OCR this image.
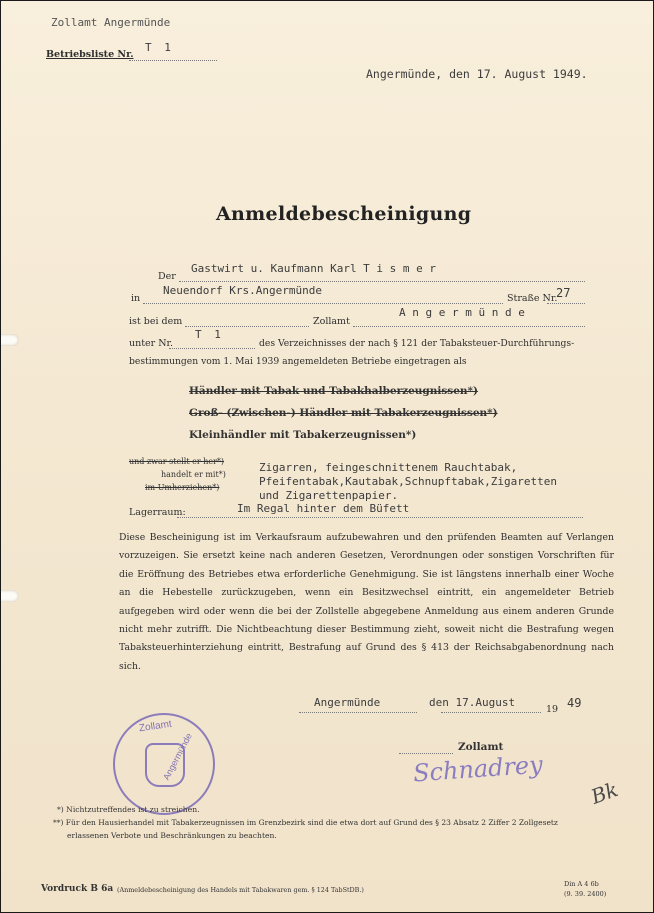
Zollamt Angermünde
Betriebsliste Nr.
T 1
Angermünde, den 17. August 1949.
Anmeldebescheinigung
Der
Gastwirt u. Kaufmann Karl T i s m e r
in
Neuendorf Krs.Angermünde
Straße Nr.
27
ist bei dem	Zollamt
A n g e r m ü n d e
unter Nr.
T 1
des Verzeichnisses der nach § 121 der Tabaksteuer-Durchführungs-
bestimmungen vom 1. Mai 1939 angemeldeten Betriebe eingetragen als
Händler mit Tabak und Tabakhalberzeugnissen*)
Groß- (Zwischen-) Händler mit Tabakerzeugnissen*)
Kleinhändler mit Tabakerzeugnissen*)
und zwar stellt er her*)
handelt er mit*)
im Umherziehen*)
Zigarren, feingeschnittenem Rauchtabak,
Pfeifentabak,Kautabak,Schnupftabak,Zigaretten
und Zigarettenpapier.
Lagerraum:	Im Regal hinter dem Büfett
Diese Bescheinigung ist im Verkaufsraum aufzubewahren und den prüfenden Beamten auf Verlangen vorzuzeigen. Sie ersetzt keine nach anderen Gesetzen, Verordnungen oder sonstigen Vorschriften für die Eröffnung des Betriebes etwa erforderliche Genehmigung. Sie ist längstens innerhalb einer Woche an die Hebestelle zurückzugeben, wenn ein Besitzwechsel eintritt, ein angemeldeter Betrieb aufgegeben wird oder wenn die bei der Zollstelle abgegebene Anmeldung aus einem anderen Grunde nicht mehr zutrifft. Die Nichtbeachtung dieser Bestimmung zieht, soweit nicht die Bestrafung wegen Tabaksteuerhinterziehung eintritt, Bestrafung auf Grund des § 413 der Reichsabgabenordnung nach sich.
Angermünde	den 17.August
19 49
Zollamt
Schnadrey
Zollamt
Angermünde
Bk
*) Nichtzutreffendes ist zu streichen.
**) Für den Hausierhandel mit Tabakerzeugnissen im Grenzbezirk sind die etwa dort auf Grund des § 23 Absatz 2 Ziffer 2 Zollgesetz
erlassenen Verbote und Beschränkungen zu beachten.
Vordruck B 6a (Anmeldebescheinigung des Handels mit Tabakwaren gem. § 124 TabStDB.)
Din A 4 6b
(9. 39. 2400)
